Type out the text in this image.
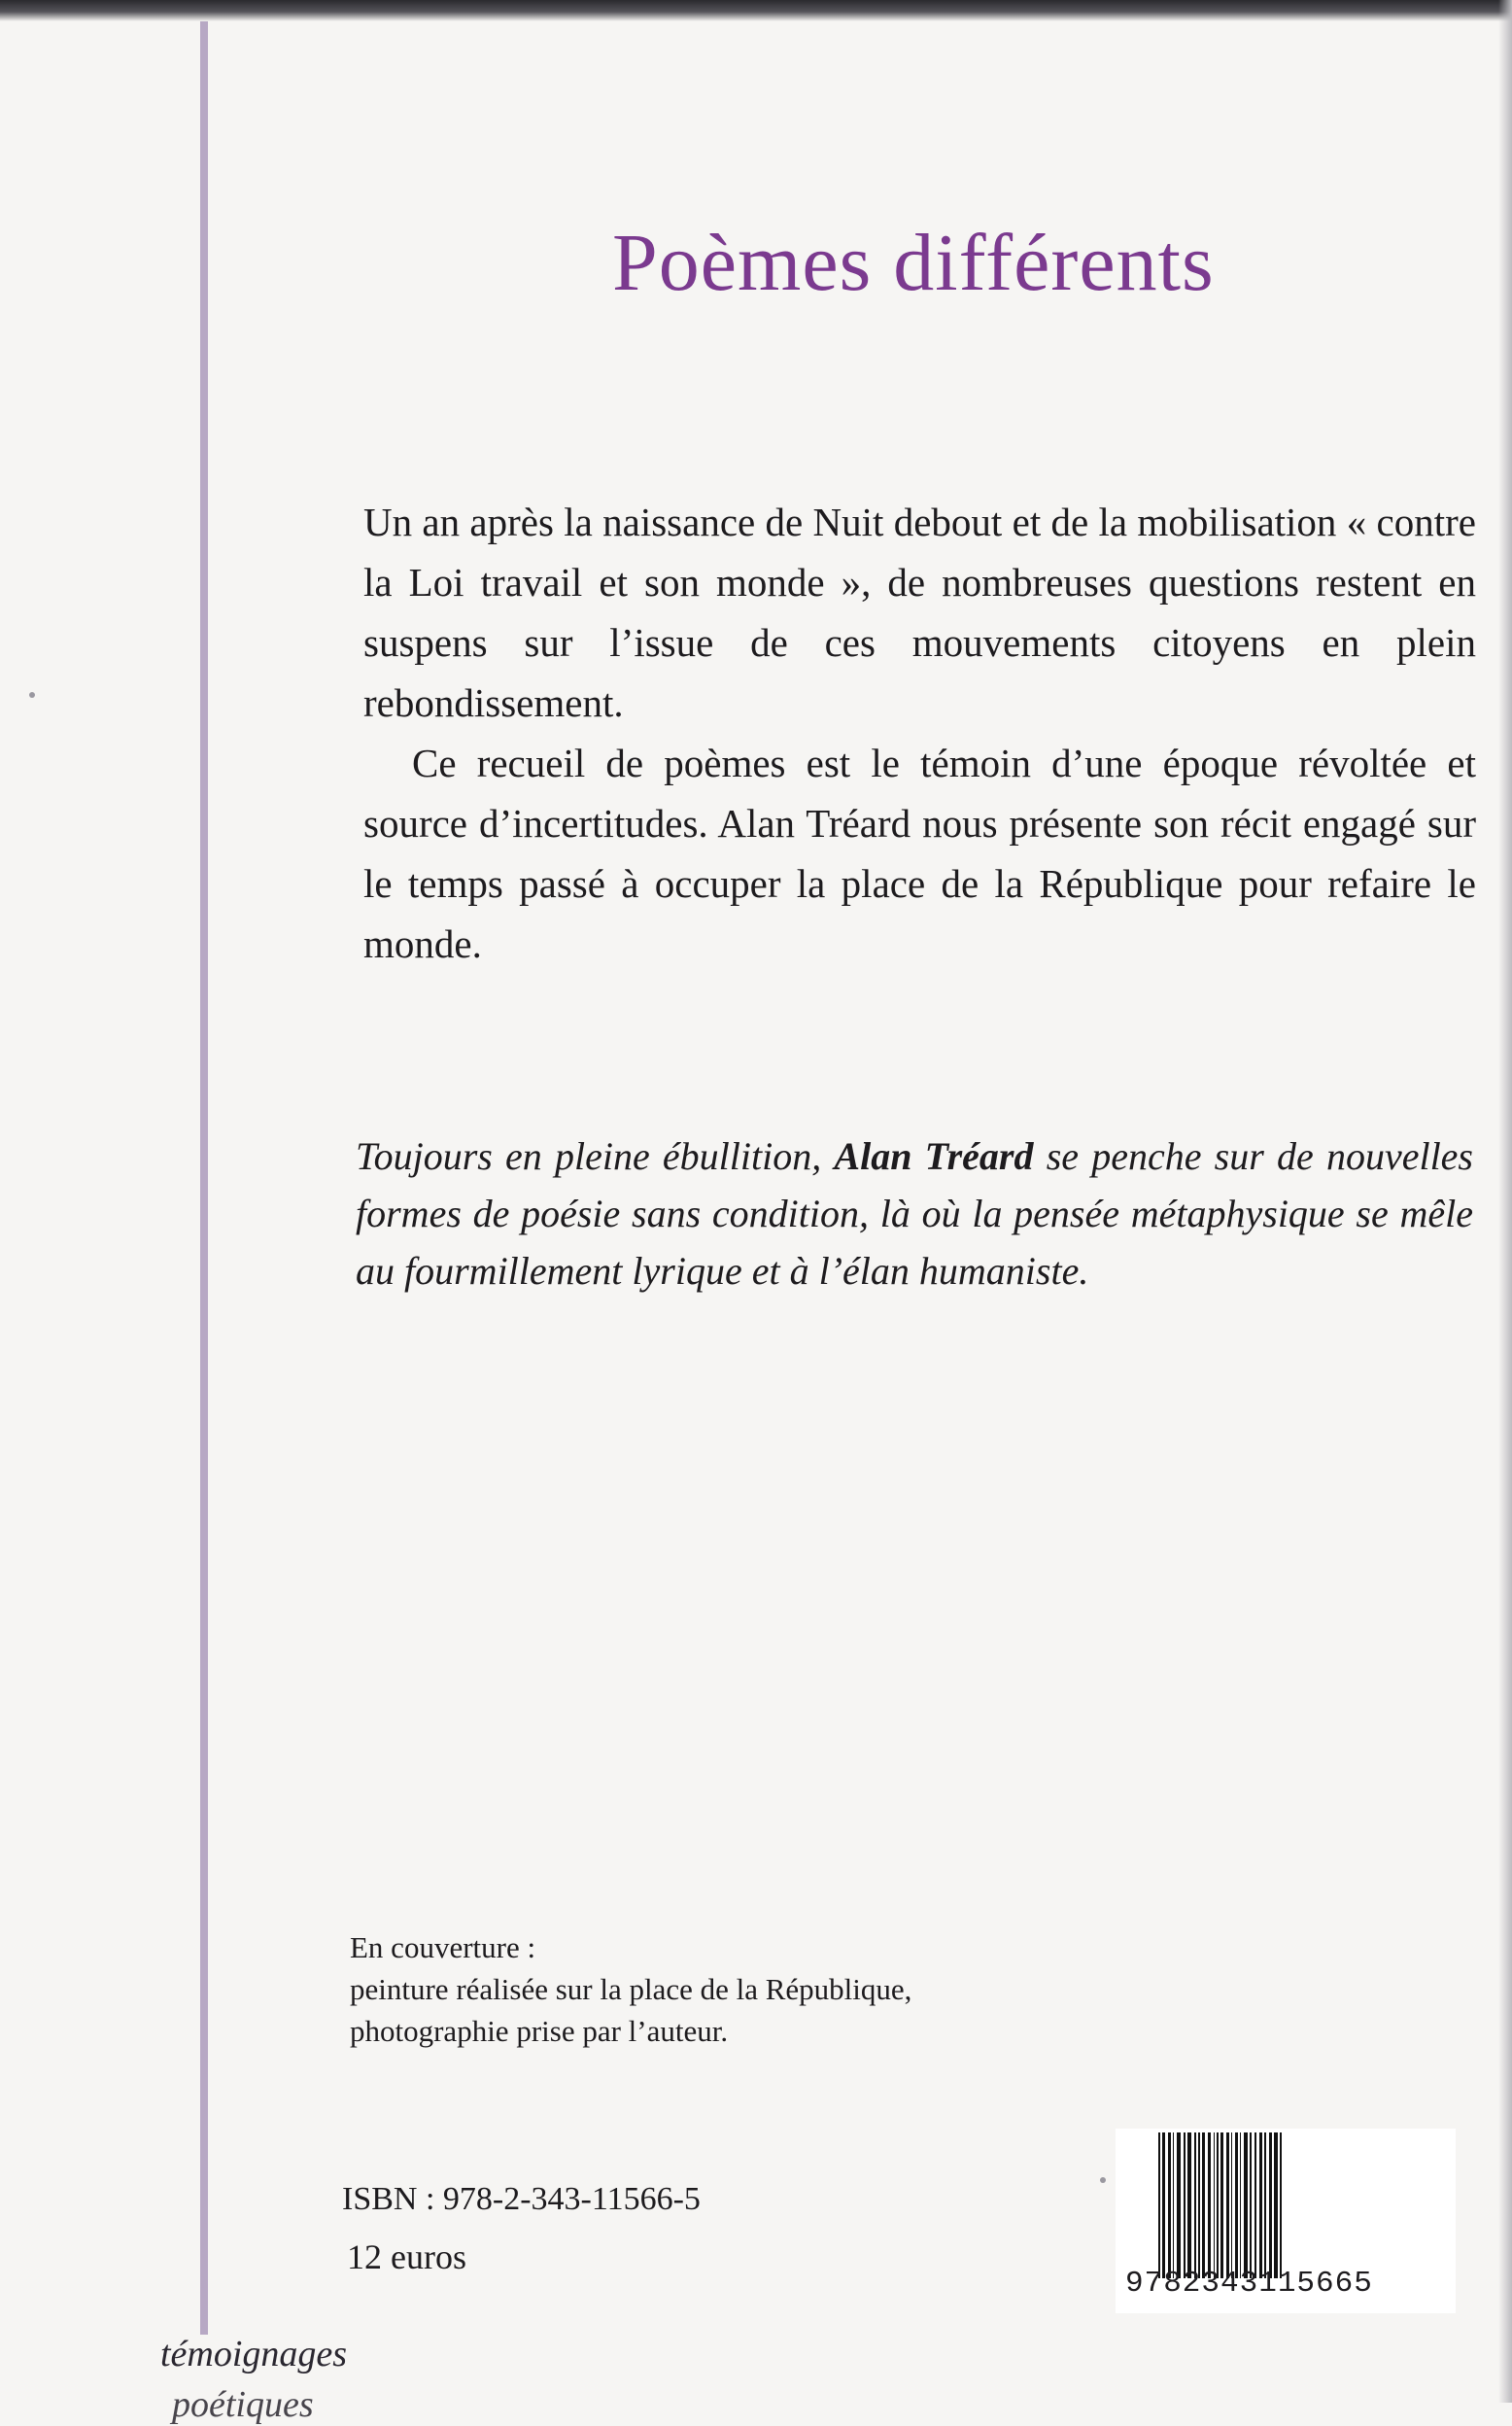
Poèmes différents

Un an après la naissance de Nuit debout et de la mobilisation « contre la Loi travail et son monde », de nombreuses questions restent en suspens sur l’issue de ces mouvements citoyens en plein rebondissement.

Ce recueil de poèmes est le témoin d’une époque révoltée et source d’incertitudes. Alan Tréard nous présente son récit engagé sur le temps passé à occuper la place de la République pour refaire le monde.

Toujours en pleine ébullition, Alan Tréard se penche sur de nouvelles formes de poésie sans condition, là où la pensée métaphysique se mêle au fourmillement lyrique et à l’élan humaniste.
En couverture :
peinture réalisée sur la place de la République,
photographie prise par l’auteur.
ISBN : 978-2-343-11566-5
12 euros
9782343115665
témoignages
poétiques
